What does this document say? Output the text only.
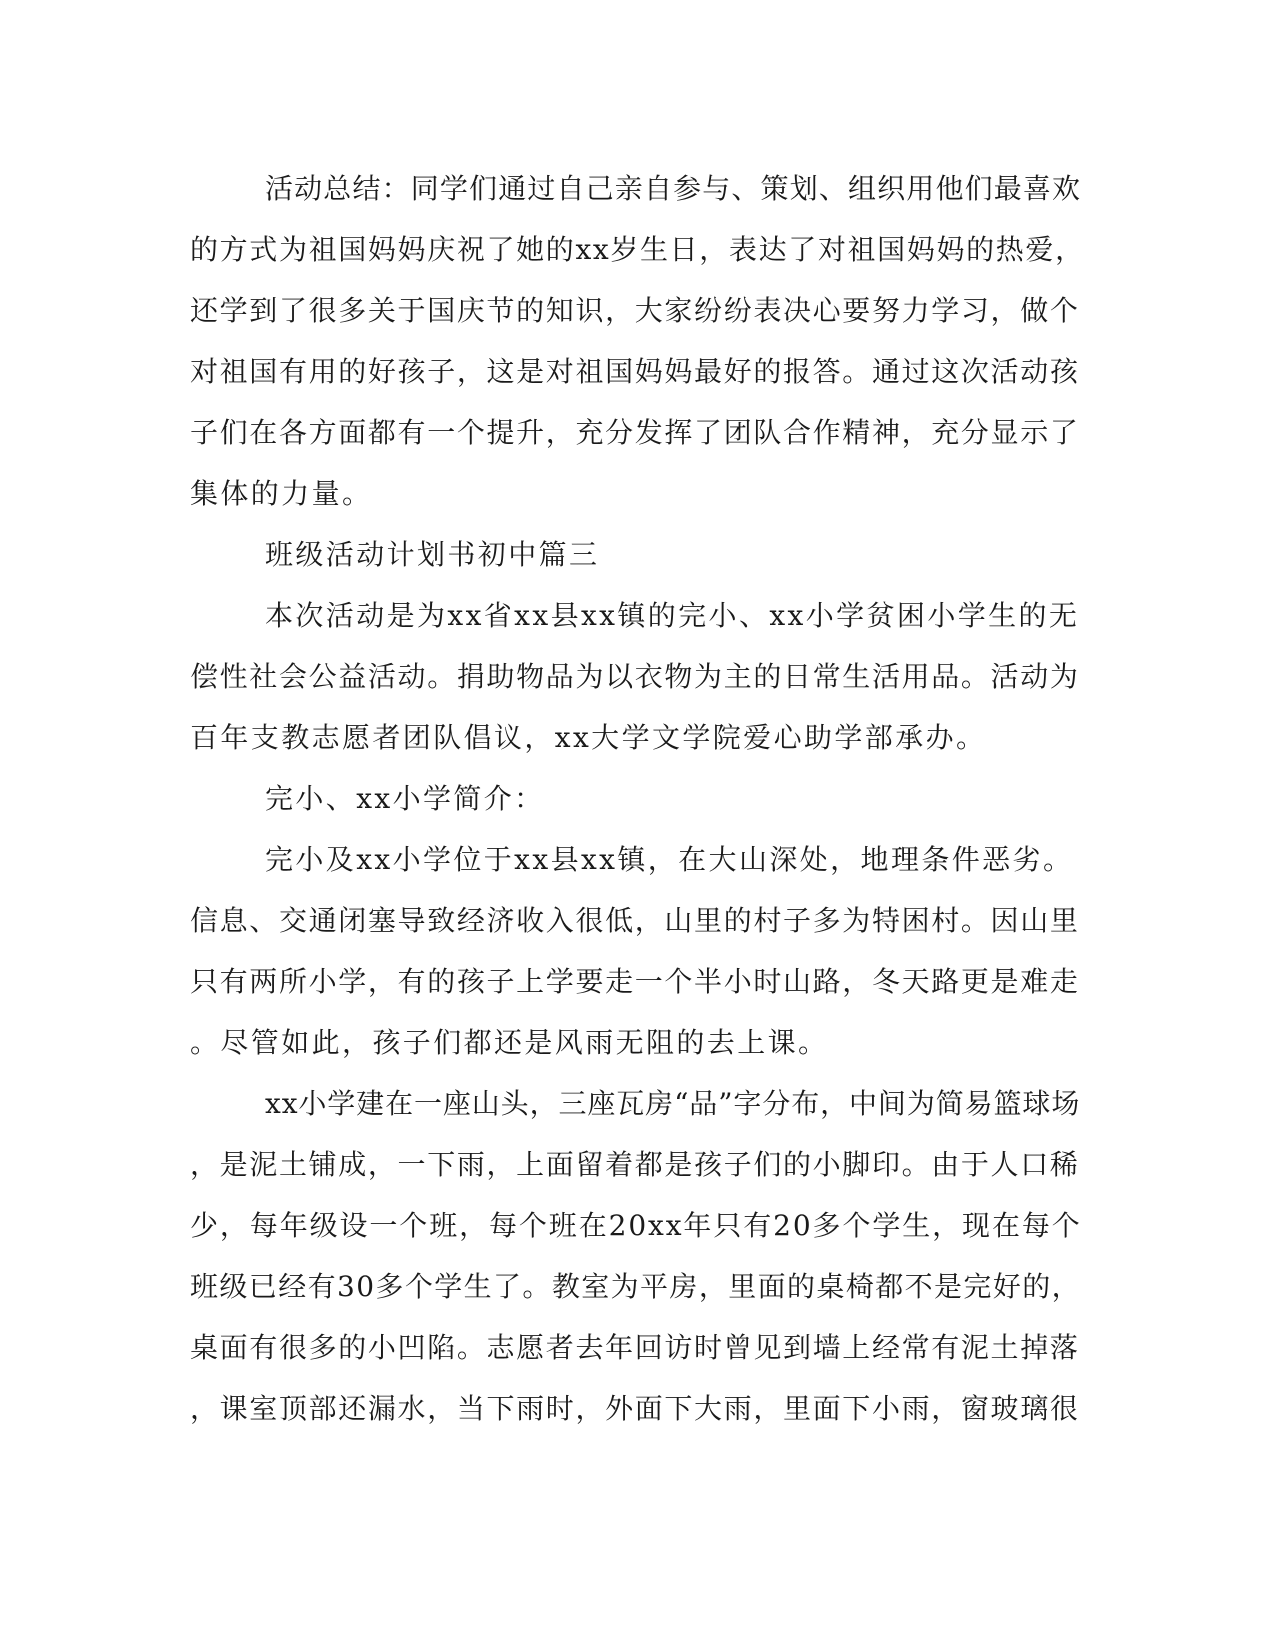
活动总结：同学们通过自己亲自参与、策划、组织用他们最喜欢
的方式为祖国妈妈庆祝了她的xx岁生日，表达了对祖国妈妈的热爱，
还学到了很多关于国庆节的知识，大家纷纷表决心要努力学习，做个
对祖国有用的好孩子，这是对祖国妈妈最好的报答。通过这次活动孩
子们在各方面都有一个提升，充分发挥了团队合作精神，充分显示了
集体的力量。
班级活动计划书初中篇三
本次活动是为xx省xx县xx镇的完小、xx小学贫困小学生的无
偿性社会公益活动。捐助物品为以衣物为主的日常生活用品。活动为
百年支教志愿者团队倡议，xx大学文学院爱心助学部承办。
完小、xx小学简介：
完小及xx小学位于xx县xx镇，在大山深处，地理条件恶劣。
信息、交通闭塞导致经济收入很低，山里的村子多为特困村。因山里
只有两所小学，有的孩子上学要走一个半小时山路，冬天路更是难走
。尽管如此，孩子们都还是风雨无阻的去上课。
xx小学建在一座山头，三座瓦房“品”字分布，中间为简易篮球场
，是泥土铺成，一下雨，上面留着都是孩子们的小脚印。由于人口稀
少，每年级设一个班，每个班在20xx年只有20多个学生，现在每个
班级已经有30多个学生了。教室为平房，里面的桌椅都不是完好的，
桌面有很多的小凹陷。志愿者去年回访时曾见到墙上经常有泥土掉落
，课室顶部还漏水，当下雨时，外面下大雨，里面下小雨，窗玻璃很
